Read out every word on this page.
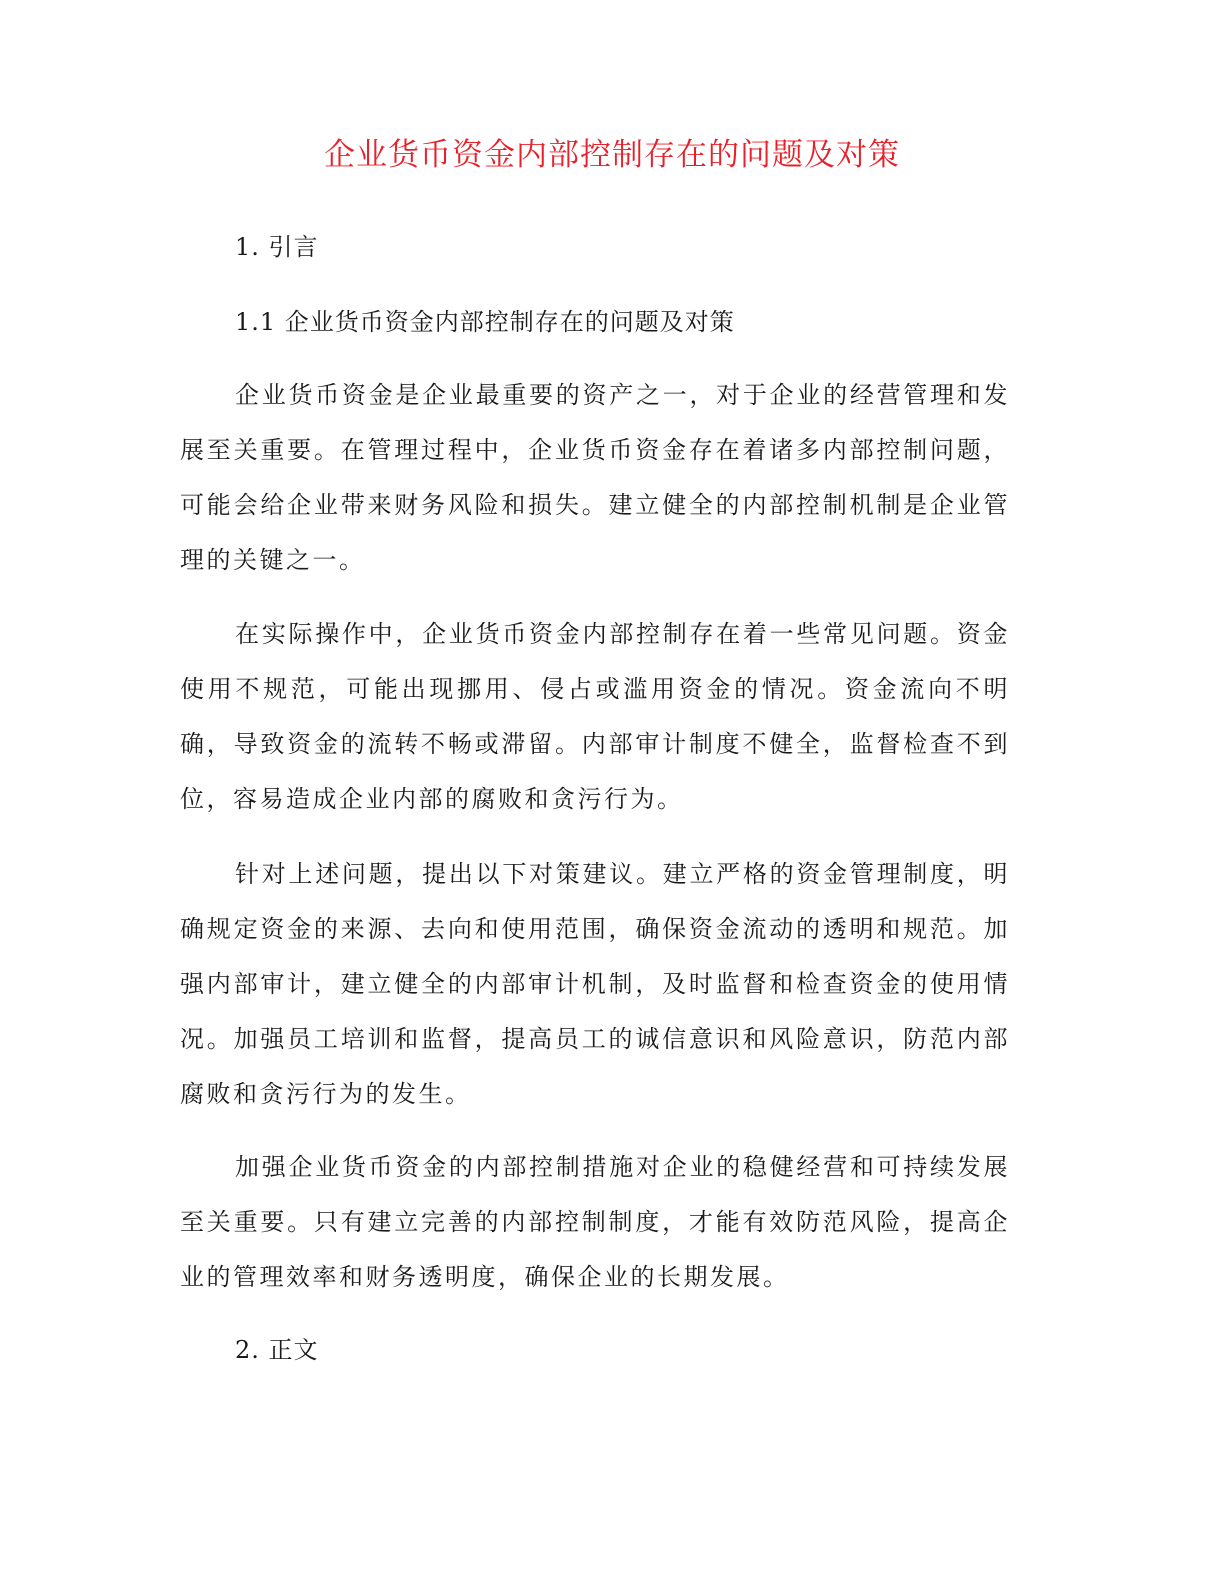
企业货币资金内部控制存在的问题及对策
1. 引言
1.1 企业货币资金内部控制存在的问题及对策

企业货币资金是企业最重要的资产之一，对于企业的经营管理和发展至关重要。在管理过程中，企业货币资金存在着诸多内部控制问题，可能会给企业带来财务风险和损失。建立健全的内部控制机制是企业管理的关键之一。

在实际操作中，企业货币资金内部控制存在着一些常见问题。资金使用不规范，可能出现挪用、侵占或滥用资金的情况。资金流向不明确，导致资金的流转不畅或滞留。内部审计制度不健全，监督检查不到位，容易造成企业内部的腐败和贪污行为。

针对上述问题，提出以下对策建议。建立严格的资金管理制度，明确规定资金的来源、去向和使用范围，确保资金流动的透明和规范。加强内部审计，建立健全的内部审计机制，及时监督和检查资金的使用情况。加强员工培训和监督，提高员工的诚信意识和风险意识，防范内部腐败和贪污行为的发生。

加强企业货币资金的内部控制措施对企业的稳健经营和可持续发展至关重要。只有建立完善的内部控制制度，才能有效防范风险，提高企业的管理效率和财务透明度，确保企业的长期发展。

2. 正文
